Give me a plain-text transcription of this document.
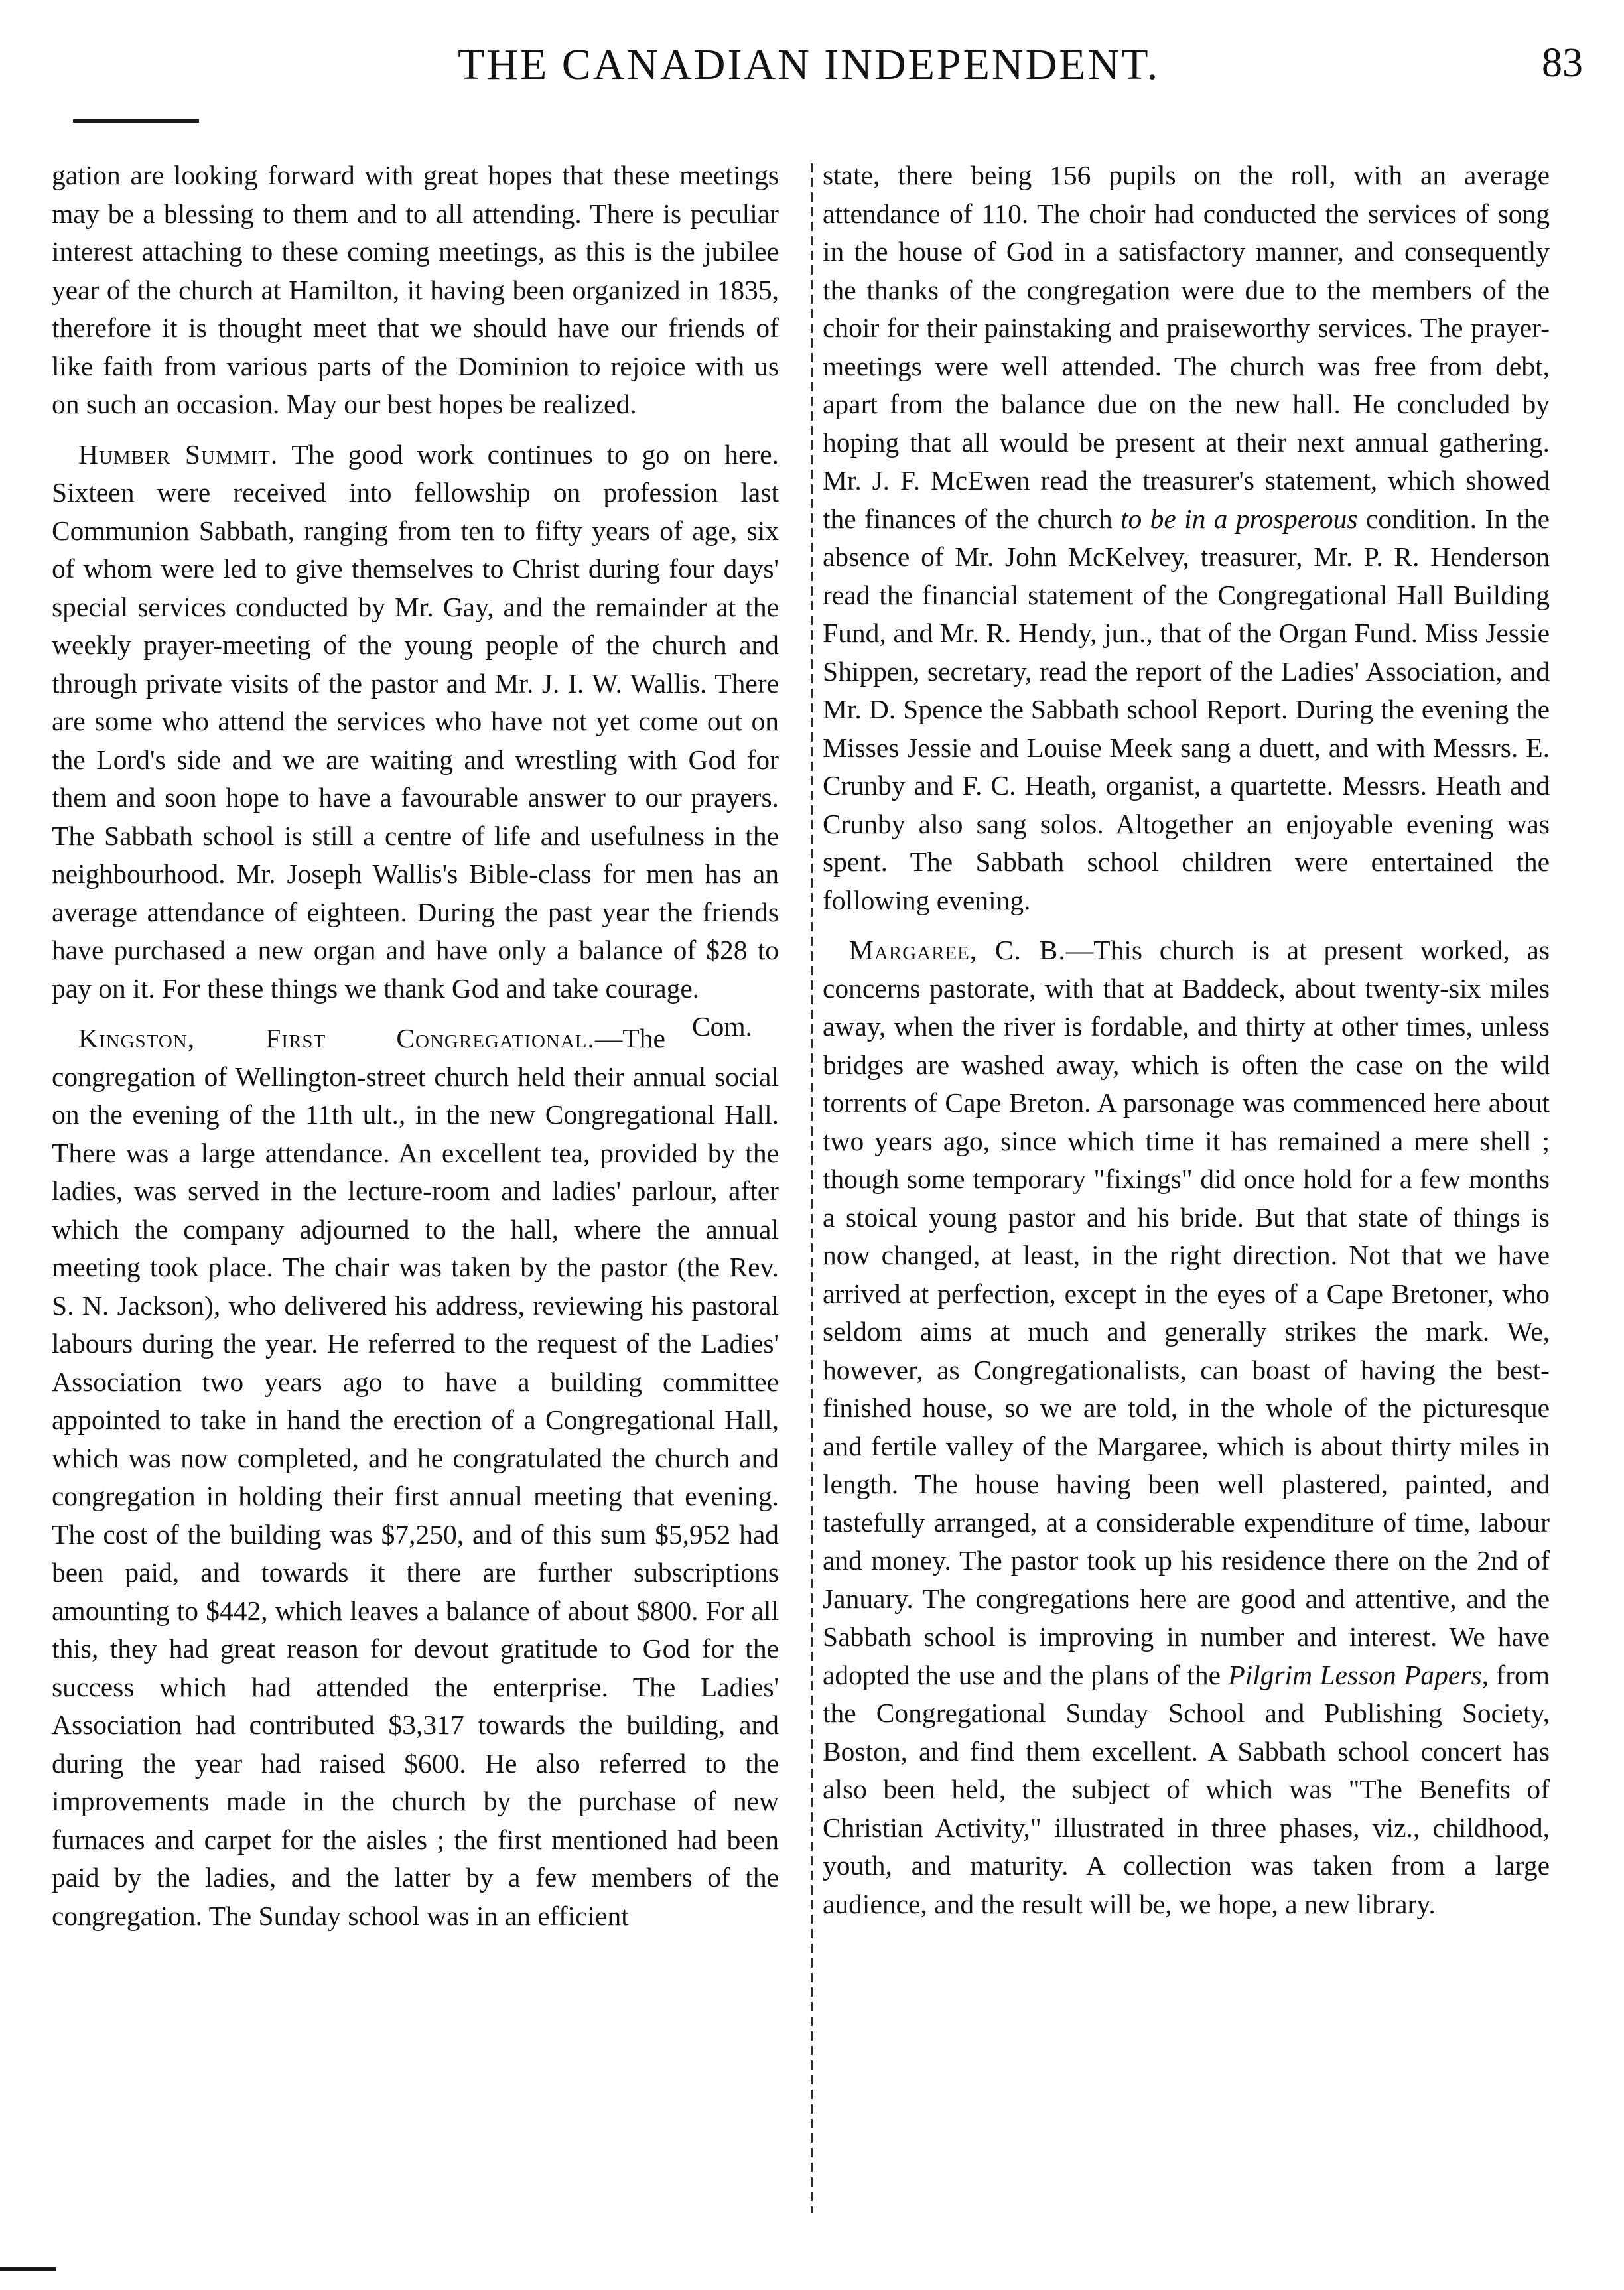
THE CANADIAN INDEPENDENT.	83

gation are looking forward with great hopes that these meetings may be a blessing to them and to all attending. There is peculiar interest attaching to these coming meetings, as this is the jubilee year of the church at Hamilton, it having been organized in 1835, therefore it is thought meet that we should have our friends of like faith from various parts of the Dominion to rejoice with us on such an occasion. May our best hopes be realized.

Humber Summit. The good work continues to go on here. Sixteen were received into fellowship on profession last Communion Sabbath, ranging from ten to fifty years of age, six of whom were led to give themselves to Christ during four days' special services conducted by Mr. Gay, and the remainder at the weekly prayer-meeting of the young people of the church and through private visits of the pastor and Mr. J. I. W. Wallis. There are some who attend the services who have not yet come out on the Lord's side and we are waiting and wrestling with God for them and soon hope to have a favourable answer to our prayers. The Sabbath school is still a centre of life and usefulness in the neighbourhood. Mr. Joseph Wallis's Bible-class for men has an average attendance of eighteen. During the past year the friends have purchased a new organ and have only a balance of $28 to pay on it. For these things we thank God and take courage.
Com.

Kingston, First Congregational.—The congregation of Wellington-street church held their annual social on the evening of the 11th ult., in the new Congregational Hall. There was a large attendance. An excellent tea, provided by the ladies, was served in the lecture-room and ladies' parlour, after which the company adjourned to the hall, where the annual meeting took place. The chair was taken by the pastor (the Rev. S. N. Jackson), who delivered his address, reviewing his pastoral labours during the year. He referred to the request of the Ladies' Association two years ago to have a building committee appointed to take in hand the erection of a Congregational Hall, which was now completed, and he congratulated the church and congregation in holding their first annual meeting that evening. The cost of the building was $7,250, and of this sum $5,952 had been paid, and towards it there are further subscriptions amounting to $442, which leaves a balance of about $800. For all this, they had great reason for devout gratitude to God for the success which had attended the enterprise. The Ladies' Association had contributed $3,317 towards the building, and during the year had raised $600. He also referred to the improvements made in the church by the purchase of new furnaces and carpet for the aisles ; the first mentioned had been paid by the ladies, and the latter by a few members of the congregation. The Sunday school was in an efficient

state, there being 156 pupils on the roll, with an average attendance of 110. The choir had conducted the services of song in the house of God in a satisfactory manner, and consequently the thanks of the congregation were due to the members of the choir for their painstaking and praiseworthy services. The prayer-meetings were well attended. The church was free from debt, apart from the balance due on the new hall. He concluded by hoping that all would be present at their next annual gathering. Mr. J. F. McEwen read the treasurer's statement, which showed the finances of the church to be in a prosperous condition. In the absence of Mr. John McKelvey, treasurer, Mr. P. R. Henderson read the financial statement of the Congregational Hall Building Fund, and Mr. R. Hendy, jun., that of the Organ Fund. Miss Jessie Shippen, secretary, read the report of the Ladies' Association, and Mr. D. Spence the Sabbath school Report. During the evening the Misses Jessie and Louise Meek sang a duett, and with Messrs. E. Crunby and F. C. Heath, organist, a quartette. Messrs. Heath and Crunby also sang solos. Altogether an enjoyable evening was spent. The Sabbath school children were entertained the following evening.

Margaree, C. B.—This church is at present worked, as concerns pastorate, with that at Baddeck, about twenty-six miles away, when the river is fordable, and thirty at other times, unless bridges are washed away, which is often the case on the wild torrents of Cape Breton. A parsonage was commenced here about two years ago, since which time it has remained a mere shell ; though some temporary "fixings" did once hold for a few months a stoical young pastor and his bride. But that state of things is now changed, at least, in the right direction. Not that we have arrived at perfection, except in the eyes of a Cape Bretoner, who seldom aims at much and generally strikes the mark. We, however, as Congregationalists, can boast of having the best-finished house, so we are told, in the whole of the picturesque and fertile valley of the Margaree, which is about thirty miles in length. The house having been well plastered, painted, and tastefully arranged, at a considerable expenditure of time, labour and money. The pastor took up his residence there on the 2nd of January. The congregations here are good and attentive, and the Sabbath school is improving in number and interest. We have adopted the use and the plans of the Pilgrim Lesson Papers, from the Congregational Sunday School and Publishing Society, Boston, and find them excellent. A Sabbath school concert has also been held, the subject of which was "The Benefits of Christian Activity," illustrated in three phases, viz., childhood, youth, and maturity. A collection was taken from a large audience, and the result will be, we hope, a new library.
